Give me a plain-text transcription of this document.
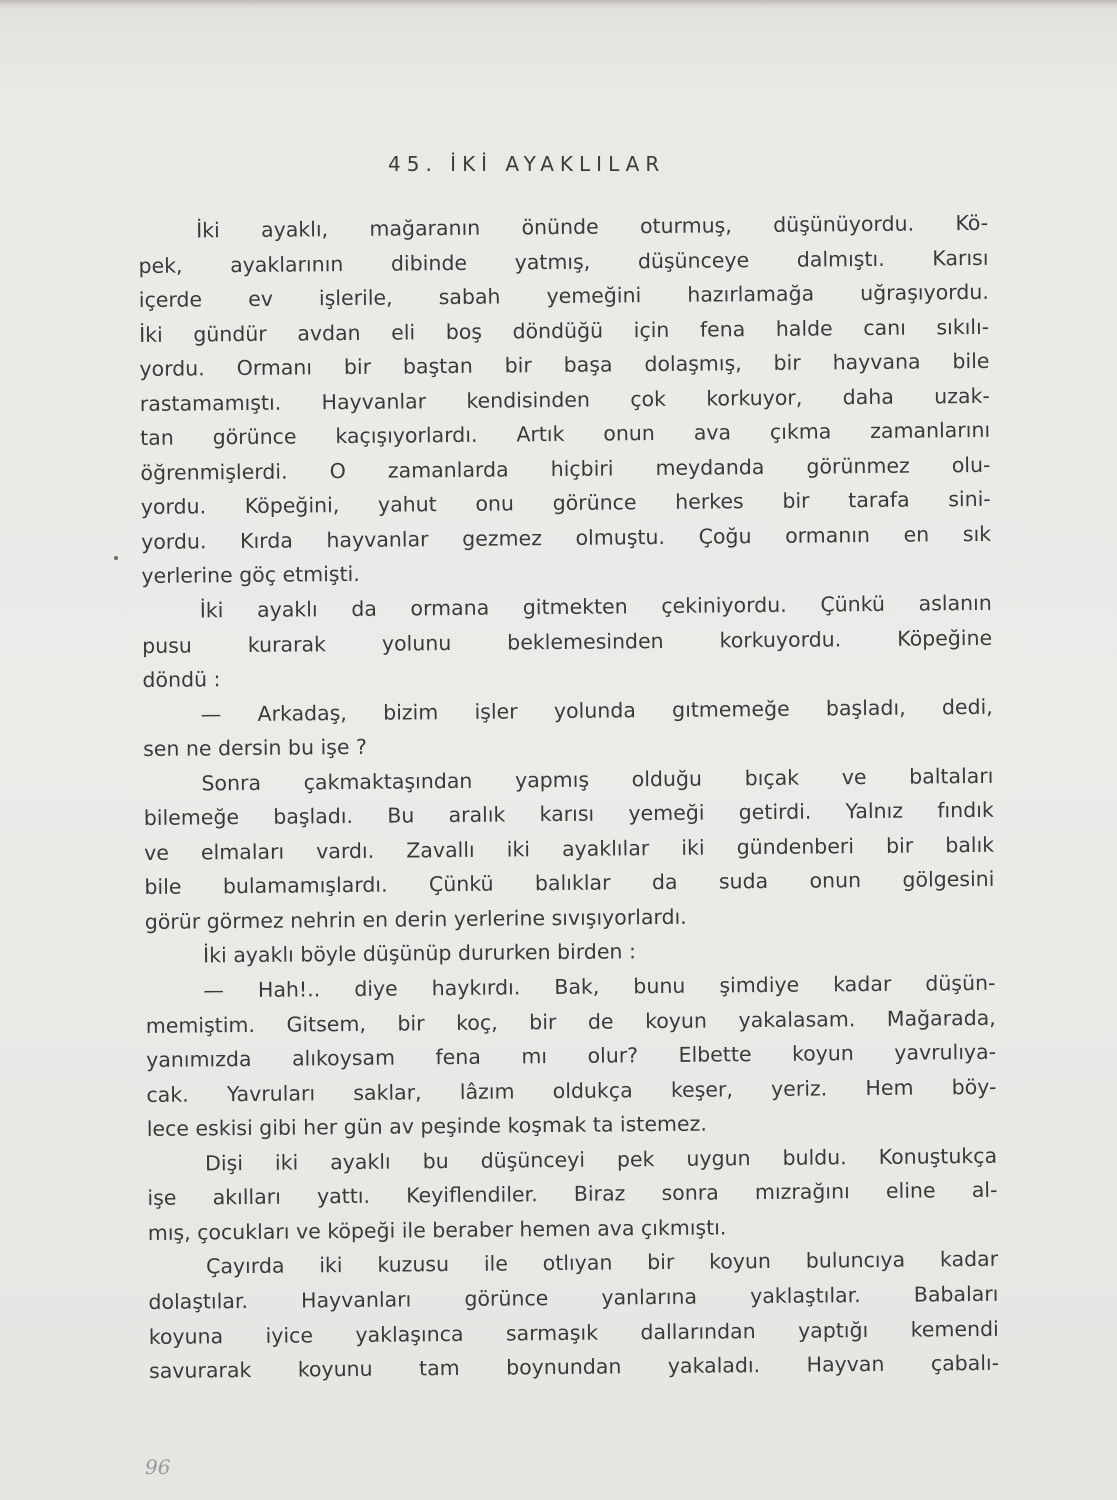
45. İKİ AYAKLILAR
İki ayaklı, mağaranın önünde oturmuş, düşünüyordu. Kö-
pek, ayaklarının dibinde yatmış, düşünceye dalmıştı. Karısı
içerde ev işlerile, sabah yemeğini hazırlamağa uğraşıyordu.
İki gündür avdan eli boş döndüğü için fena halde canı sıkılı-
yordu. Ormanı bir baştan bir başa dolaşmış, bir hayvana bile
rastamamıştı. Hayvanlar kendisinden çok korkuyor, daha uzak-
tan görünce kaçışıyorlardı. Artık onun ava çıkma zamanlarını
öğrenmişlerdi. O zamanlarda hiçbiri meydanda görünmez olu-
yordu. Köpeğini, yahut onu görünce herkes bir tarafa sini-
yordu. Kırda hayvanlar gezmez olmuştu. Çoğu ormanın en sık
yerlerine göç etmişti.
İki ayaklı da ormana gitmekten çekiniyordu. Çünkü aslanın
pusu kurarak yolunu beklemesinden korkuyordu. Köpeğine
döndü :
— Arkadaş, bizim işler yolunda gıtmemeğe başladı, dedi,
sen ne dersin bu işe ?
Sonra çakmaktaşından yapmış olduğu bıçak ve baltaları
bilemeğe başladı. Bu aralık karısı yemeği getirdi. Yalnız fındık
ve elmaları vardı. Zavallı iki ayaklılar iki gündenberi bir balık
bile bulamamışlardı. Çünkü balıklar da suda onun gölgesini
görür görmez nehrin en derin yerlerine sıvışıyorlardı.
İki ayaklı böyle düşünüp dururken birden :
— Hah!.. diye haykırdı. Bak, bunu şimdiye kadar düşün-
memiştim. Gitsem, bir koç, bir de koyun yakalasam. Mağarada,
yanımızda alıkoysam fena mı olur? Elbette koyun yavrulıya-
cak. Yavruları saklar, lâzım oldukça keşer, yeriz. Hem böy-
lece eskisi gibi her gün av peşinde koşmak ta istemez.
Dişi iki ayaklı bu düşünceyi pek uygun buldu. Konuştukça
işe akılları yattı. Keyiflendiler. Biraz sonra mızrağını eline al-
mış, çocukları ve köpeği ile beraber hemen ava çıkmıştı.
Çayırda iki kuzusu ile otlıyan bir koyun buluncıya kadar
dolaştılar. Hayvanları görünce yanlarına yaklaştılar. Babaları
koyuna iyice yaklaşınca sarmaşık dallarından yaptığı kemendi
savurarak koyunu tam boynundan yakaladı. Hayvan çabalı-
96
